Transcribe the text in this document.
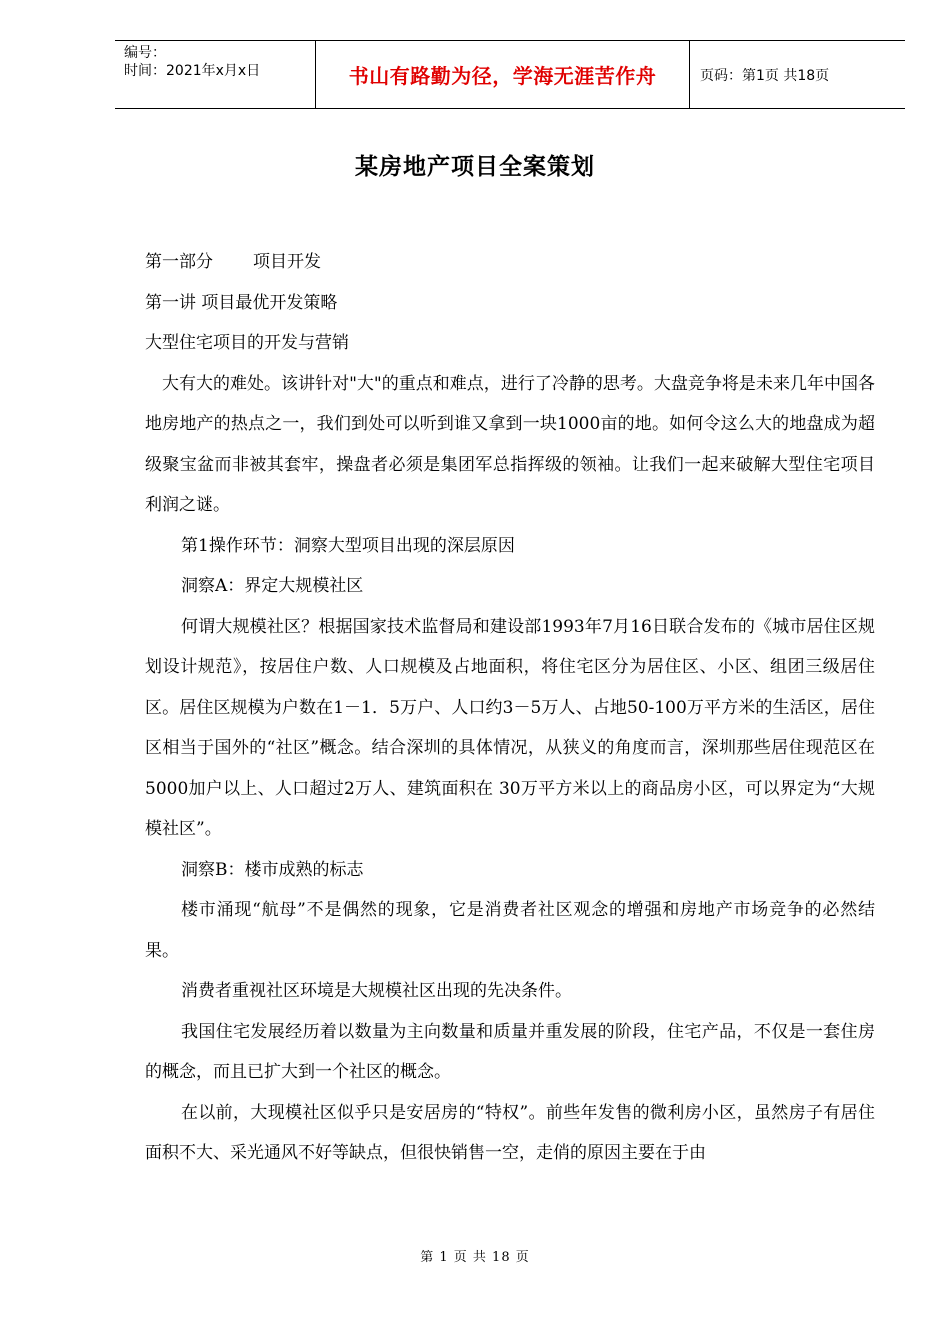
编号：
时间：2021年x月x日	书山有路勤为径，学海无涯苦作舟	页码：第1页 共18页
某房地产项目全案策划

第一部分 项目开发

第一讲 项目最优开发策略

大型住宅项目的开发与营销

大有大的难处。该讲针对"大"的重点和难点，进行了冷静的思考。大盘竞争将是未来几年中国各地房地产的热点之一，我们到处可以听到谁又拿到一块1000亩的地。如何令这么大的地盘成为超级聚宝盆而非被其套牢，操盘者必须是集团军总指挥级的领袖。让我们一起来破解大型住宅项目利润之谜。

第1操作环节：洞察大型项目出现的深层原因

洞察A：界定大规模社区

何谓大规模社区？根据国家技术监督局和建设部1993年7月16日联合发布的《城市居住区规划设计规范》，按居住户数、人口规模及占地面积，将住宅区分为居住区、小区、组团三级居住区。居住区规模为户数在1－1．5万户、人口约3－5万人、占地50-100万平方米的生活区，居住区相当于国外的“社区”概念。结合深圳的具体情况，从狭义的角度而言，深圳那些居住现范区在5000加户以上、人口超过2万人、建筑面积在 30万平方米以上的商品房小区，可以界定为“大规模社区”。

洞察B：楼市成熟的标志

楼市涌现“航母”不是偶然的现象，它是消费者社区观念的增强和房地产市场竞争的必然结果。

消费者重视社区环境是大规模社区出现的先决条件。

我国住宅发展经历着以数量为主向数量和质量并重发展的阶段，住宅产品，不仅是一套住房的概念，而且已扩大到一个社区的概念。

在以前，大现模社区似乎只是安居房的“特权”。前些年发售的微利房小区，虽然房子有居住面积不大、采光通风不好等缺点，但很快销售一空，走俏的原因主要在于由

第 1 页 共 18 页
